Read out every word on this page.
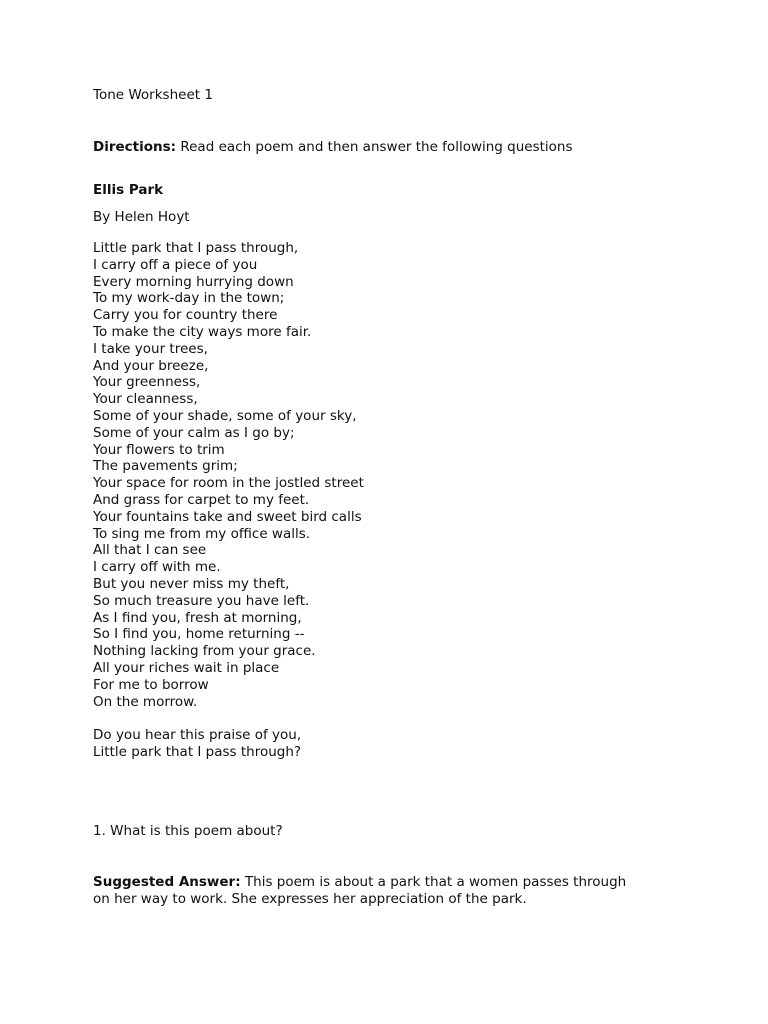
Tone Worksheet 1
Directions: Read each poem and then answer the following questions
Ellis Park
By Helen Hoyt
Little park that I pass through,
I carry off a piece of you
Every morning hurrying down
To my work-day in the town;
Carry you for country there
To make the city ways more fair.
I take your trees,
And your breeze,
Your greenness,
Your cleanness,
Some of your shade, some of your sky,
Some of your calm as I go by;
Your flowers to trim
The pavements grim;
Your space for room in the jostled street
And grass for carpet to my feet.
Your fountains take and sweet bird calls
To sing me from my office walls.
All that I can see
I carry off with me.
But you never miss my theft,
So much treasure you have left.
As I find you, fresh at morning,
So I find you, home returning --
Nothing lacking from your grace.
All your riches wait in place
For me to borrow
On the morrow.
Do you hear this praise of you,
Little park that I pass through?
1. What is this poem about?
Suggested Answer: This poem is about a park that a women passes through
on her way to work. She expresses her appreciation of the park.
